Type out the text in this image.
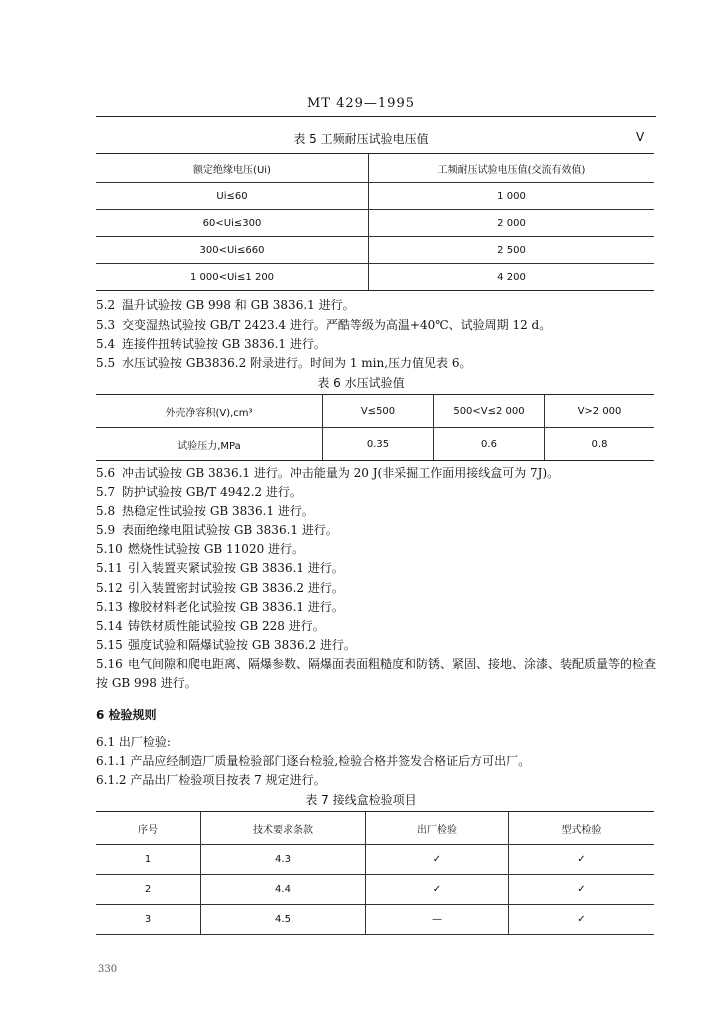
MT 429—1995
表 5 工频耐压试验电压值	V
额定绝缘电压(Ui)	工频耐压试验电压值(交流有效值)
Ui≤60	1 000
60<Ui≤300	2 000
300<Ui≤660	2 500
1 000<Ui≤1 200	4 200
5.2 温升试验按 GB 998 和 GB 3836.1 进行。
5.3 交变湿热试验按 GB/T 2423.4 进行。严酷等级为高温+40℃、试验周期 12 d。
5.4 连接件扭转试验按 GB 3836.1 进行。
5.5 水压试验按 GB3836.2 附录进行。时间为 1 min,压力值见表 6。
表 6 水压试验值
外壳净容积(V),cm³	V≤500	500<V≤2 000	V>2 000
试验压力,MPa	0.35	0.6	0.8
5.6 冲击试验按 GB 3836.1 进行。冲击能量为 20 J(非采掘工作面用接线盒可为 7J)。
5.7 防护试验按 GB/T 4942.2 进行。
5.8 热稳定性试验按 GB 3836.1 进行。
5.9 表面绝缘电阻试验按 GB 3836.1 进行。
5.10 燃烧性试验按 GB 11020 进行。
5.11 引入装置夹紧试验按 GB 3836.1 进行。
5.12 引入装置密封试验按 GB 3836.2 进行。
5.13 橡胶材料老化试验按 GB 3836.1 进行。
5.14 铸铁材质性能试验按 GB 228 进行。
5.15 强度试验和隔爆试验按 GB 3836.2 进行。
5.16 电气间隙和爬电距离、隔爆参数、隔爆面表面粗糙度和防锈、紧固、接地、涂漆、装配质量等的检查按 GB 998 进行。
6 检验规则
6.1 出厂检验:
6.1.1 产品应经制造厂质量检验部门逐台检验,检验合格并签发合格证后方可出厂。
6.1.2 产品出厂检验项目按表 7 规定进行。
表 7 接线盒检验项目
序号	技术要求条款	出厂检验	型式检验
1	4.3	✓	✓
2	4.4	✓	✓
3	4.5	—	✓
330
